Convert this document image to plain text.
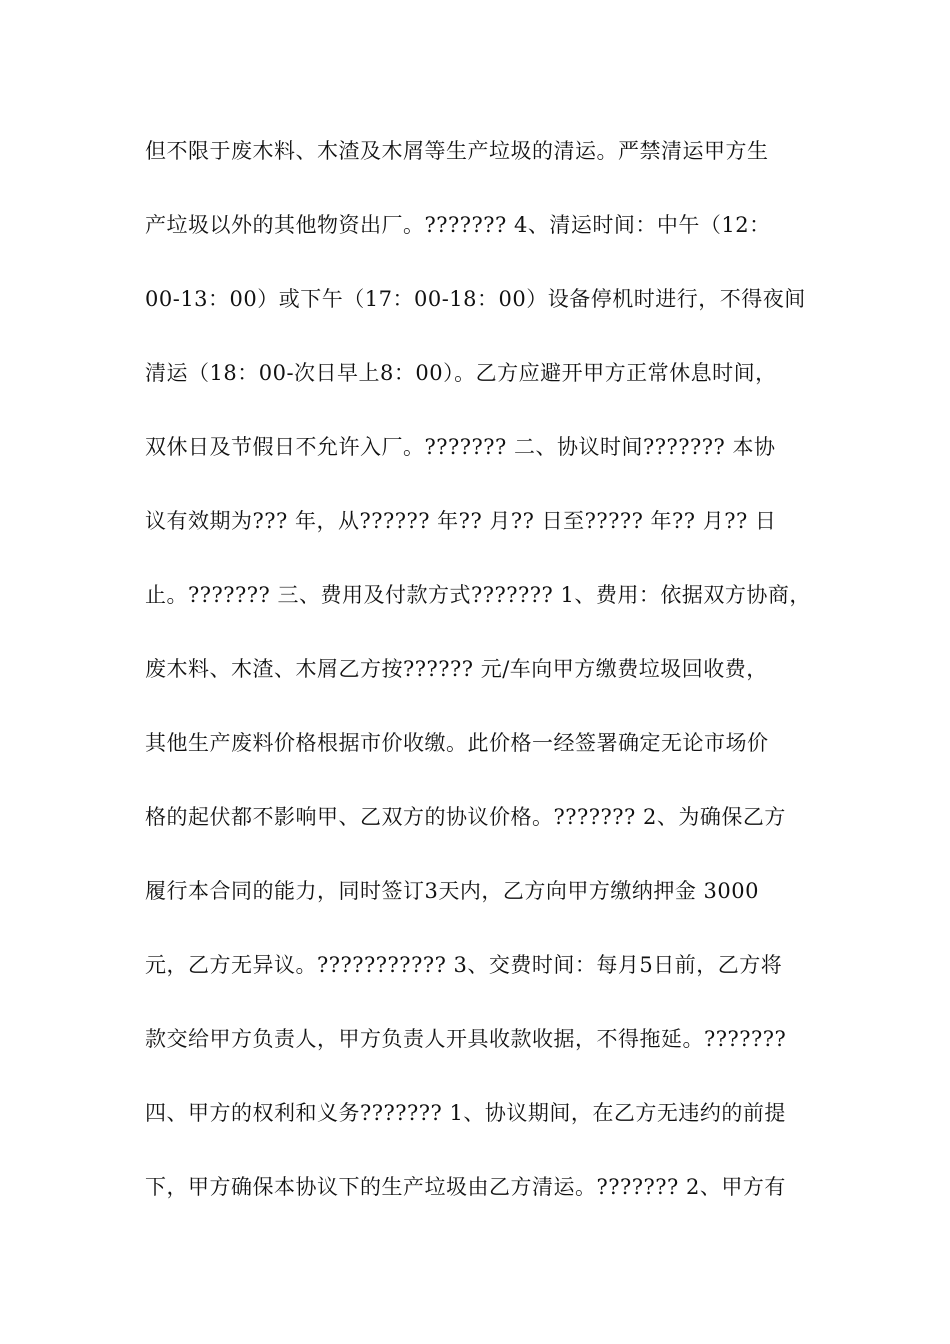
但不限于废木料、木渣及木屑等生产垃圾的清运。严禁清运甲方生
产垃圾以外的其他物资出厂。??????? 4、清运时间：中午（12：
00-13：00）或下午（17：00-18：00）设备停机时进行，不得夜间
清运（18：00-次日早上8：00）。乙方应避开甲方正常休息时间，
双休日及节假日不允许入厂。??????? 二、协议时间??????? 本协
议有效期为??? 年，从?????? 年?? 月?? 日至????? 年?? 月?? 日
止。??????? 三、费用及付款方式??????? 1、费用：依据双方协商，
废木料、木渣、木屑乙方按?????? 元/车向甲方缴费垃圾回收费，
其他生产废料价格根据市价收缴。此价格一经签署确定无论市场价
格的起伏都不影响甲、乙双方的协议价格。??????? 2、为确保乙方
履行本合同的能力，同时签订3天内，乙方向甲方缴纳押金 3000
元，乙方无异议。??????????? 3、交费时间：每月5日前，乙方将
款交给甲方负责人，甲方负责人开具收款收据，不得拖延。???????
四、甲方的权利和义务??????? 1、协议期间，在乙方无违约的前提
下，甲方确保本协议下的生产垃圾由乙方清运。??????? 2、甲方有
